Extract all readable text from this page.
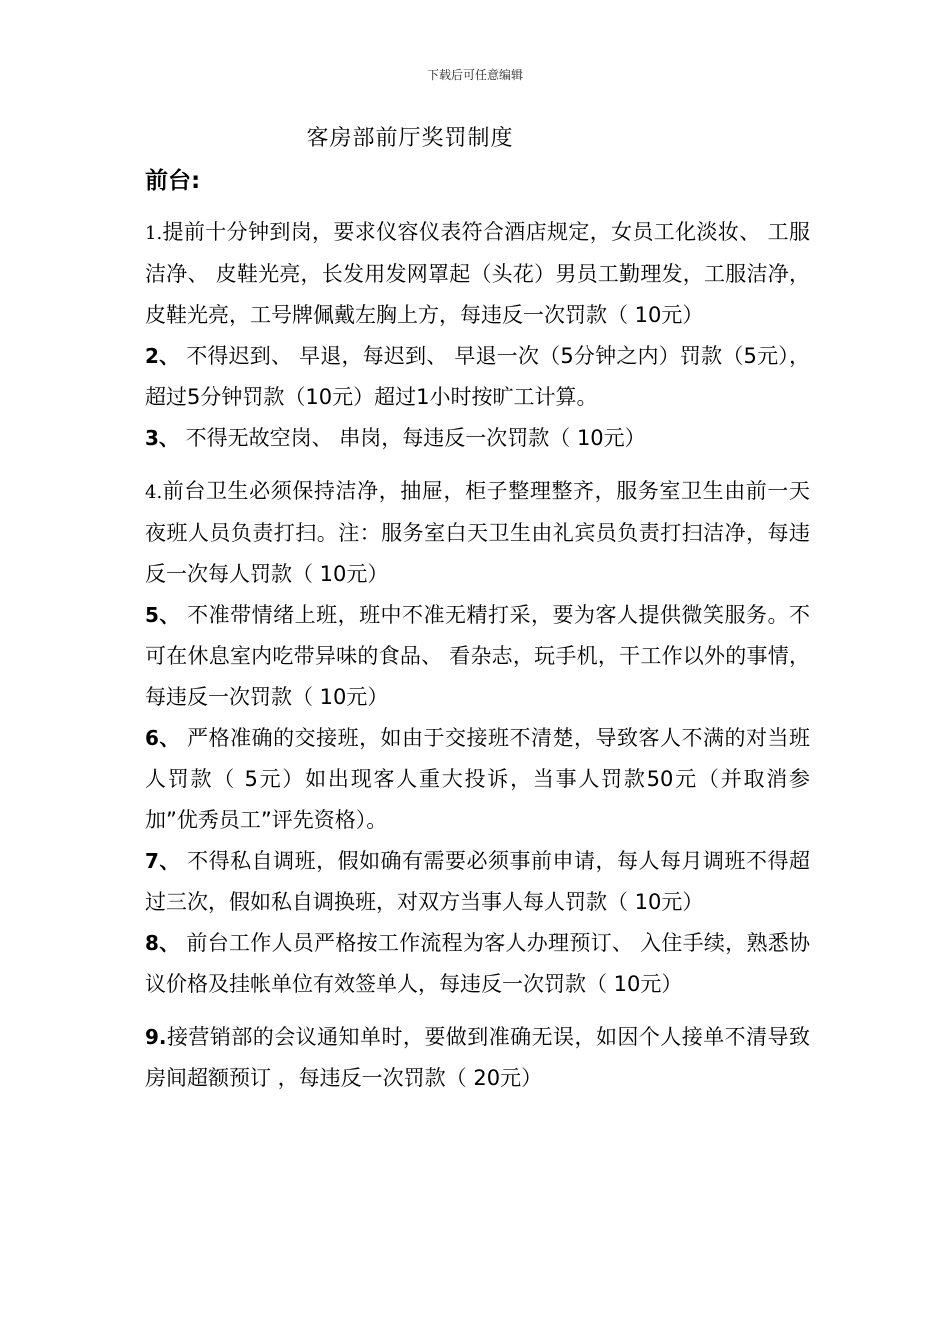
下载后可任意编辑
客房部前厅奖罚制度
前台:

1.提前十分钟到岗，要求仪容仪表符合酒店规定，女员工化淡妆、 工服洁净、 皮鞋光亮，长发用发网罩起（头花）男员工勤理发，工服洁净，皮鞋光亮，工号牌佩戴左胸上方，每违反一次罚款（ 10元）

2、 不得迟到、 早退，每迟到、 早退一次（5分钟之内）罚款（5元），超过5分钟罚款（10元）超过1小时按旷工计算。

3、 不得无故空岗、 串岗，每违反一次罚款（ 10元）

4.前台卫生必须保持洁净，抽屉，柜子整理整齐，服务室卫生由前一天夜班人员负责打扫。注：服务室白天卫生由礼宾员负责打扫洁净，每违反一次每人罚款（ 10元）

5、 不准带情绪上班，班中不准无精打采，要为客人提供微笑服务。不可在休息室内吃带异味的食品、 看杂志，玩手机，干工作以外的事情，每违反一次罚款（ 10元）

6、 严格准确的交接班，如由于交接班不清楚，导致客人不满的对当班人罚款（ 5元）如出现客人重大投诉，当事人罚款50元（并取消参加”优秀员工”评先资格）。

7、 不得私自调班，假如确有需要必须事前申请，每人每月调班不得超过三次，假如私自调换班，对双方当事人每人罚款（ 10元）

8、 前台工作人员严格按工作流程为客人办理预订、 入住手续，熟悉协议价格及挂帐单位有效签单人，每违反一次罚款（ 10元）

9.接营销部的会议通知单时，要做到准确无误，如因个人接单不清导致房间超额预订 ，每违反一次罚款（ 20元）
